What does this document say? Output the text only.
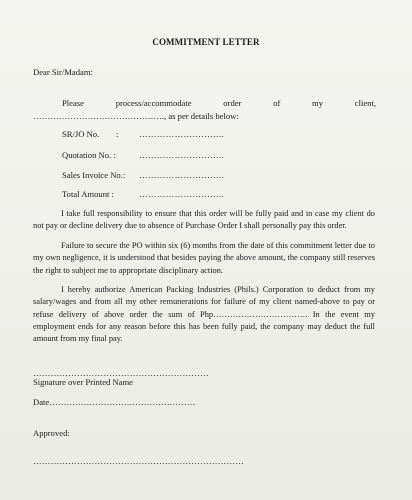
COMMITMENT LETTER
Dear Sir/Madam:
Please	process/accommodate	order	of	my	client,
………………………………………., as per details below:
SR/JO No. : ………………………..
Quotation No. :	………………………..
Sales Invoice No.: ………………………..
Total Amount :	………………………..

I take full responsibility to ensure that this order will be fully paid and in case my client do not pay or decline delivery due to absence of Purchase Order I shall personally pay this order.

Failure to secure the PO within six (6) months from the date of this commitment letter due to my own negligence, it is understood that besides paying the above amount, the company still reserves the right to subject me to appropriate disciplinary action.

I hereby authorize American Packing Industries (Phils.) Corporation to deduct from my salary/wages and from all my other remunerations for failure of my client named-above to pay or refuse delivery of above order the sum of Php……………………………. In the event my employment ends for any reason before this has been fully paid, the company may deduct the full amount from my final pay.

……………………………………………………
Signature over Printed Name
Date……………………………………………
Approved:
………………………………………………………………
